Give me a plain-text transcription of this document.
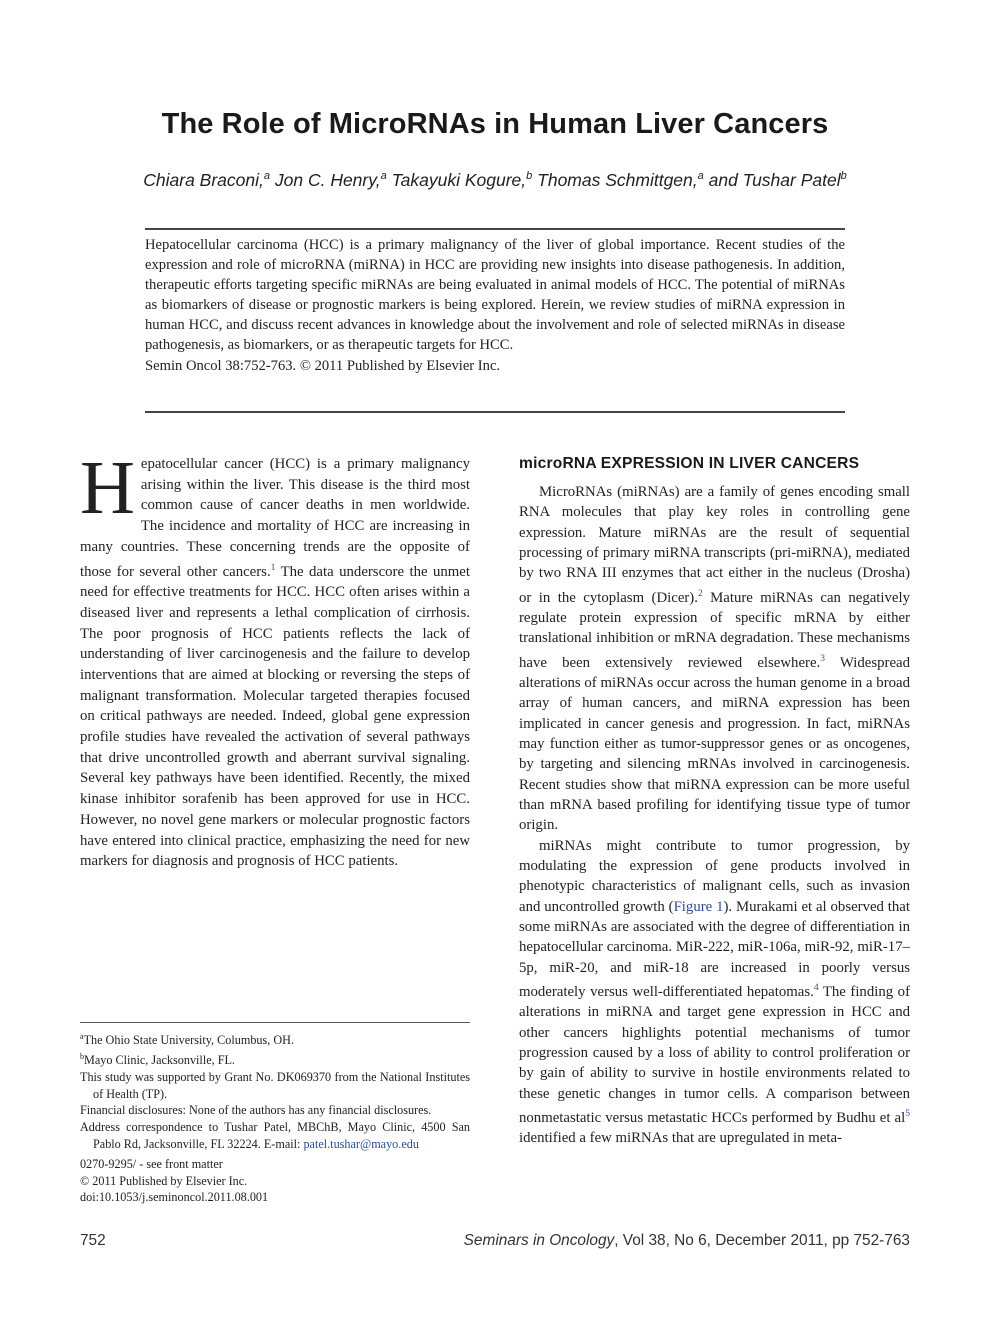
The Role of MicroRNAs in Human Liver Cancers
Chiara Braconi,$^a$ Jon C. Henry,$^a$ Takayuki Kogure,$^b$ Thomas Schmittgen,$^a$ and Tushar Patel$^b$
Hepatocellular carcinoma (HCC) is a primary malignancy of the liver of global importance. Recent studies of the expression and role of microRNA (miRNA) in HCC are providing new insights into disease pathogenesis. In addition, therapeutic efforts targeting specific miRNAs are being evaluated in animal models of HCC. The potential of miRNAs as biomarkers of disease or prognostic markers is being explored. Herein, we review studies of miRNA expression in human HCC, and discuss recent advances in knowledge about the involvement and role of selected miRNAs in disease pathogenesis, as biomarkers, or as therapeutic targets for HCC.
Semin Oncol 38:752-763. © 2011 Published by Elsevier Inc.
Hepatocellular cancer (HCC) is a primary malignancy arising within the liver. This disease is the third most common cause of cancer deaths in men worldwide. The incidence and mortality of HCC are increasing in many countries. These concerning trends are the opposite of those for several other cancers.$^1$ The data underscore the unmet need for effective treatments for HCC. HCC often arises within a diseased liver and represents a lethal complication of cirrhosis. The poor prognosis of HCC patients reflects the lack of understanding of liver carcinogenesis and the failure to develop interventions that are aimed at blocking or reversing the steps of malignant transformation. Molecular targeted therapies focused on critical pathways are needed. Indeed, global gene expression profile studies have revealed the activation of several pathways that drive uncontrolled growth and aberrant survival signaling. Several key pathways have been identified. Recently, the mixed kinase inhibitor sorafenib has been approved for use in HCC. However, no novel gene markers or molecular prognostic factors have entered into clinical practice, emphasizing the need for new markers for diagnosis and prognosis of HCC patients.

$^a$The Ohio State University, Columbus, OH.

$^b$Mayo Clinic, Jacksonville, FL.

This study was supported by Grant No. DK069370 from the National Institutes of Health (TP).

Financial disclosures: None of the authors has any financial disclosures.

Address correspondence to Tushar Patel, MBChB, Mayo Clinic, 4500 San Pablo Rd, Jacksonville, FL 32224. E-mail: patel.tushar@mayo.edu

0270-9295/ - see front matter

© 2011 Published by Elsevier Inc.

doi:10.1053/j.seminoncol.2011.08.001

microRNA EXPRESSION IN LIVER CANCERS

MicroRNAs (miRNAs) are a family of genes encoding small RNA molecules that play key roles in controlling gene expression. Mature miRNAs are the result of sequential processing of primary miRNA transcripts (pri-miRNA), mediated by two RNA III enzymes that act either in the nucleus (Drosha) or in the cytoplasm (Dicer).$^2$ Mature miRNAs can negatively regulate protein expression of specific mRNA by either translational inhibition or mRNA degradation. These mechanisms have been extensively reviewed elsewhere.$^3$ Widespread alterations of miRNAs occur across the human genome in a broad array of human cancers, and miRNA expression has been implicated in cancer genesis and progression. In fact, miRNAs may function either as tumor-suppressor genes or as oncogenes, by targeting and silencing mRNAs involved in carcinogenesis. Recent studies show that miRNA expression can be more useful than mRNA based profiling for identifying tissue type of tumor origin.

miRNAs might contribute to tumor progression, by modulating the expression of gene products involved in phenotypic characteristics of malignant cells, such as invasion and uncontrolled growth (Figure 1). Murakami et al observed that some miRNAs are associated with the degree of differentiation in hepatocellular carcinoma. MiR-222, miR-106a, miR-92, miR-17–5p, miR-20, and miR-18 are increased in poorly versus moderately versus well-differentiated hepatomas.$^4$ The finding of alterations in miRNA and target gene expression in HCC and other cancers highlights potential mechanisms of tumor progression caused by a loss of ability to control proliferation or by gain of ability to survive in hostile environments related to these genetic changes in tumor cells. A comparison between nonmetastatic versus metastatic HCCs performed by Budhu et al$^5$ identified a few miRNAs that are upregulated in meta-

752	Seminars in Oncology, Vol 38, No 6, December 2011, pp 752-763
